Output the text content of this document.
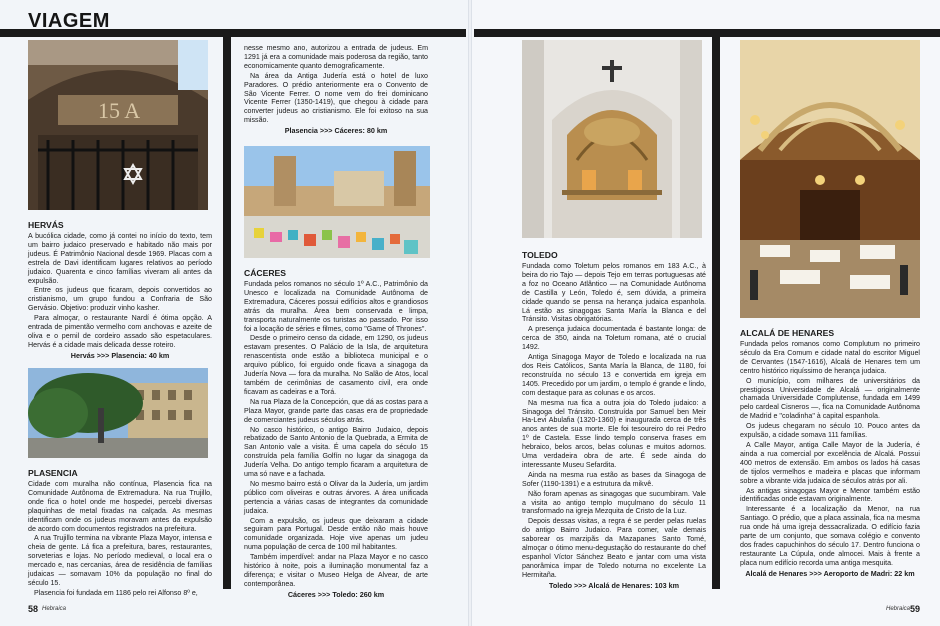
VIAGEM
15 A
HERVÁS

A bucólica cidade, como já contei no início do texto, tem um bairro judaico preservado e habitado não mais por judeus. É Patrimônio Nacional desde 1969. Placas com a estrela de Davi identificam lugares relativos ao período judaico. Quarenta e cinco famílias viveram ali antes da expulsão.

Entre os judeus que ficaram, depois convertidos ao cristianismo, um grupo fundou a Confraria de São Gervásio. Objetivo: produzir vinho kasher.

Para almoçar, o restaurante Nardí é ótima opção. A entrada de pimentão vermelho com anchovas e azeite de oliva e o pernil de cordeiro assado são espetaculares. Hervás é a cidade mais delicada desse roteiro.

Hervás >>> Plasencia: 40 km
PLASENCIA

Cidade com muralha não contínua, Plasencia fica na Comunidade Autônoma de Extremadura. Na rua Trujillo, onde fica o hotel onde me hospedei, percebi diversas plaquinhas de metal fixadas na calçada. As mesmas identificam onde os judeus moravam antes da expulsão de acordo com documentos registrados na prefeitura.

A rua Trujillo termina na vibrante Plaza Mayor, intensa e cheia de gente. Lá fica a prefeitura, bares, restaurantes, sorveterias e lojas. No período medieval, o local era o mercado e, nas cercanias, área de residência de famílias judaicas — somavam 10% da população no final do século 15.

Plasencia foi fundada em 1186 pelo rei Alfonso 8º e,

nesse mesmo ano, autorizou a entrada de judeus. Em 1291 já era a comunidade mais poderosa da região, tanto economicamente quanto demograficamente.

Na área da Antiga Judería está o hotel de luxo Paradores. O prédio anteriormente era o Convento de São Vicente Ferrer. O nome vem do frei dominicano Vicente Ferrer (1350-1419), que chegou à cidade para converter judeus ao cristianismo. Ele foi exitoso na sua missão.

Plasencia >>> Cáceres: 80 km
CÁCERES

Fundada pelos romanos no século 1º A.C., Patrimônio da Unesco e localizada na Comunidade Autônoma de Extremadura, Cáceres possui edifícios altos e grandiosos atrás da muralha. Área bem conservada e limpa, transporta naturalmente os turistas ao passado. Por isso foi a locação de séries e filmes, como "Game of Thrones".

Desde o primeiro censo da cidade, em 1290, os judeus estavam presentes. O Palácio de la Isla, de arquitetura renascentista onde estão a biblioteca municipal e o arquivo público, foi erguido onde ficava a sinagoga da Judería Nova — fora da muralha. No Salão de Atos, local também de cerimônias de casamento civil, era onde ficavam as cadeiras e a Torá.

Na rua Plaza de la Concepción, que dá as costas para a Plaza Mayor, grande parte das casas era de propriedade de comerciantes judeus séculos atrás.

No casco histórico, o antigo Bairro Judaico, depois rebatizado de Santo Antonio de la Quebrada, a Ermita de San Antonio vale a visita. É uma capela do século 15 construída pela família Golfín no lugar da sinagoga da Judería Velha. Do antigo templo ficaram a arquitetura de uma só nave e a fachada.

No mesmo bairro está o Olivar da la Judería, um jardim público com oliveiras e outras árvores. A área unificada pertencia a várias casas de integrantes da comunidade judaica.

Com a expulsão, os judeus que deixaram a cidade seguiram para Portugal. Desde então não mais houve comunidade organizada. Hoje vive apenas um judeu numa população de cerca de 100 mil habitantes.

Também imperdível: andar na Plaza Mayor e no casco histórico à noite, pois a iluminação monumental faz a diferença; e visitar o Museo Helga de Alvear, de arte contemporânea.

Cáceres >>> Toledo: 260 km
58 Hebraica
TOLEDO

Fundada como Toletum pelos romanos em 183 A.C., à beira do rio Tajo — depois Tejo em terras portuguesas até a foz no Oceano Atlântico — na Comunidade Autônoma de Castilla y León, Toledo é, sem dúvida, a primeira cidade quando se pensa na herança judaica espanhola. Lá estão as sinagogas Santa María la Blanca e del Tránsito. Visitas obrigatórias.

A presença judaica documentada é bastante longa: de cerca de 350, ainda na Toletum romana, até o crucial 1492.

Antiga Sinagoga Mayor de Toledo e localizada na rua dos Reis Católicos, Santa María la Blanca, de 1180, foi reconstruída no século 13 e convertida em igreja em 1405. Precedido por um jardim, o templo é grande e lindo, com destaque para as colunas e os arcos.

Na mesma rua fica a outra joia do Toledo judaico: a Sinagoga del Tránsito. Construída por Samuel ben Meir Ha-Levi Abulafia (1320-1360) e inaugurada cerca de três anos antes de sua morte. Ele foi tesoureiro do rei Pedro 1º de Castela. Esse lindo templo conserva frases em hebraico, belos arcos, belas colunas e muitos adornos. Uma verdadeira obra de arte. É sede ainda do interessante Museu Sefardita.

Ainda na mesma rua estão as bases da Sinagoga de Sofer (1190-1391) e a estrutura da mikvê.

Não foram apenas as sinagogas que sucumbiram. Vale a visita ao antigo templo muçulmano do século 11 transformado na igreja Mezquita de Cristo de la Luz.

Depois dessas visitas, a regra é se perder pelas ruelas do antigo Bairro Judaico. Para comer, vale demais saborear os marzipãs da Mazapanes Santo Tomé, almoçar o ótimo menu-degustação do restaurante do chef espanhol Víctor Sánchez Beato e jantar com uma vista panorâmica ímpar de Toledo noturna no excelente La Hermitaña.

Toledo >>> Alcalá de Henares: 103 km
ALCALÁ DE HENARES

Fundada pelos romanos como Complutum no primeiro século da Era Comum e cidade natal do escritor Miguel de Cervantes (1547-1616), Alcalá de Henares tem um centro histórico riquíssimo de herança judaica.

O município, com milhares de universitários da prestigiosa Universidade de Alcalá — originalmente chamada Universidade Complutense, fundada em 1499 pelo cardeal Cisneros —, fica na Comunidade Autônoma de Madrid e "coladinha" à capital espanhola.

Os judeus chegaram no século 10. Pouco antes da expulsão, a cidade somava 111 famílias.

A Calle Mayor, antiga Calle Mayor de la Judería, é ainda a rua comercial por excelência de Alcalá. Possui 400 metros de extensão. Em ambos os lados há casas de tijolos vermelhos e madeira e placas que informam sobre a vibrante vida judaica de séculos atrás por ali.

As antigas sinagogas Mayor e Menor também estão identificadas onde estavam originalmente.

Interessante é a localização da Menor, na rua Santiago. O prédio, que a placa assinala, fica na mesma rua onde há uma igreja dessacralizada. O edifício fazia parte de um conjunto, que somava colégio e convento dos frades capuchinhos do século 17. Dentro funciona o restaurante La Cúpula, onde almocei. Mais à frente a placa num edifício recorda uma antiga mesquita.

Alcalá de Henares >>> Aeroporto de Madri: 22 km
Hebraica 59
